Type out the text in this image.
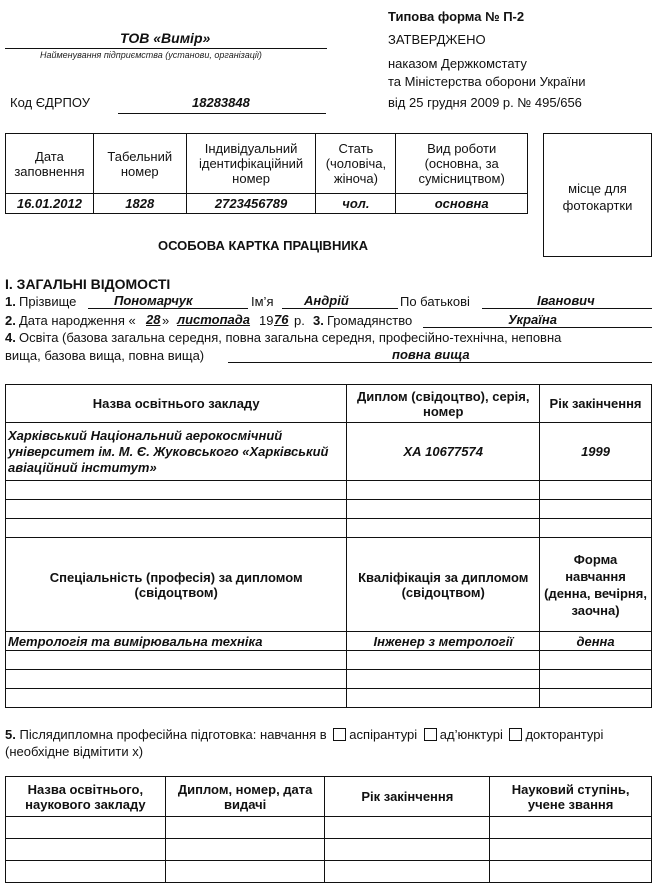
ТОВ «Вимір»
Найменування підприємства (установи, організації)
Код ЄДРПОУ	18283848
Типова форма № П-2
ЗАТВЕРДЖЕНО
наказом Держкомстату
та Міністерства оборони України
від 25 грудня 2009 р. № 495/656
Дата заповнення	Табельний номер	Індивідуальний ідентифікаційний номер	Стать (чоловіча, жіноча)	Вид роботи (основна, за сумісництвом)
16.01.2012	1828	2723456789	чол.	основна
місце для фотокартки
ОСОБОВА КАРТКА ПРАЦІВНИКА
І. ЗАГАЛЬНІ ВІДОМОСТІ
1. Прізвище	Пономарчук	Ім’я Андрій	По батькові	Іванович
2. Дата народження « 28 » листопада 19 76 р. 3. Громадянство	Україна
4. Освіта (базова загальна середня, повна загальна середня, професійно-технічна, неповна
вища, базова вища, повна вища)	повна вища
Назва освітнього закладу	Диплом (свідоцтво), серія, номер	Рік закінчення
Харківський Національний аерокосмічний університет ім. М. Є. Жуковського «Харківський авіаційний інститут»	ХА 10677574	1999

Спеціальність (професія) за дипломом (свідоцтвом)	Кваліфікація за дипломом (свідоцтвом)	Форма навчання (денна, вечірня, заочна)
Метрологія та вимірювальна техніка	Інженер з метрології	денна

5. Післядипломна професійна підготовка: навчання в аспірантурі ад’юнктурі докторантурі
(необхідне відмітити х)
Назва освітнього, наукового закладу	Диплом, номер, дата видачі	Рік закінчення	Науковий ступінь, учене звання
